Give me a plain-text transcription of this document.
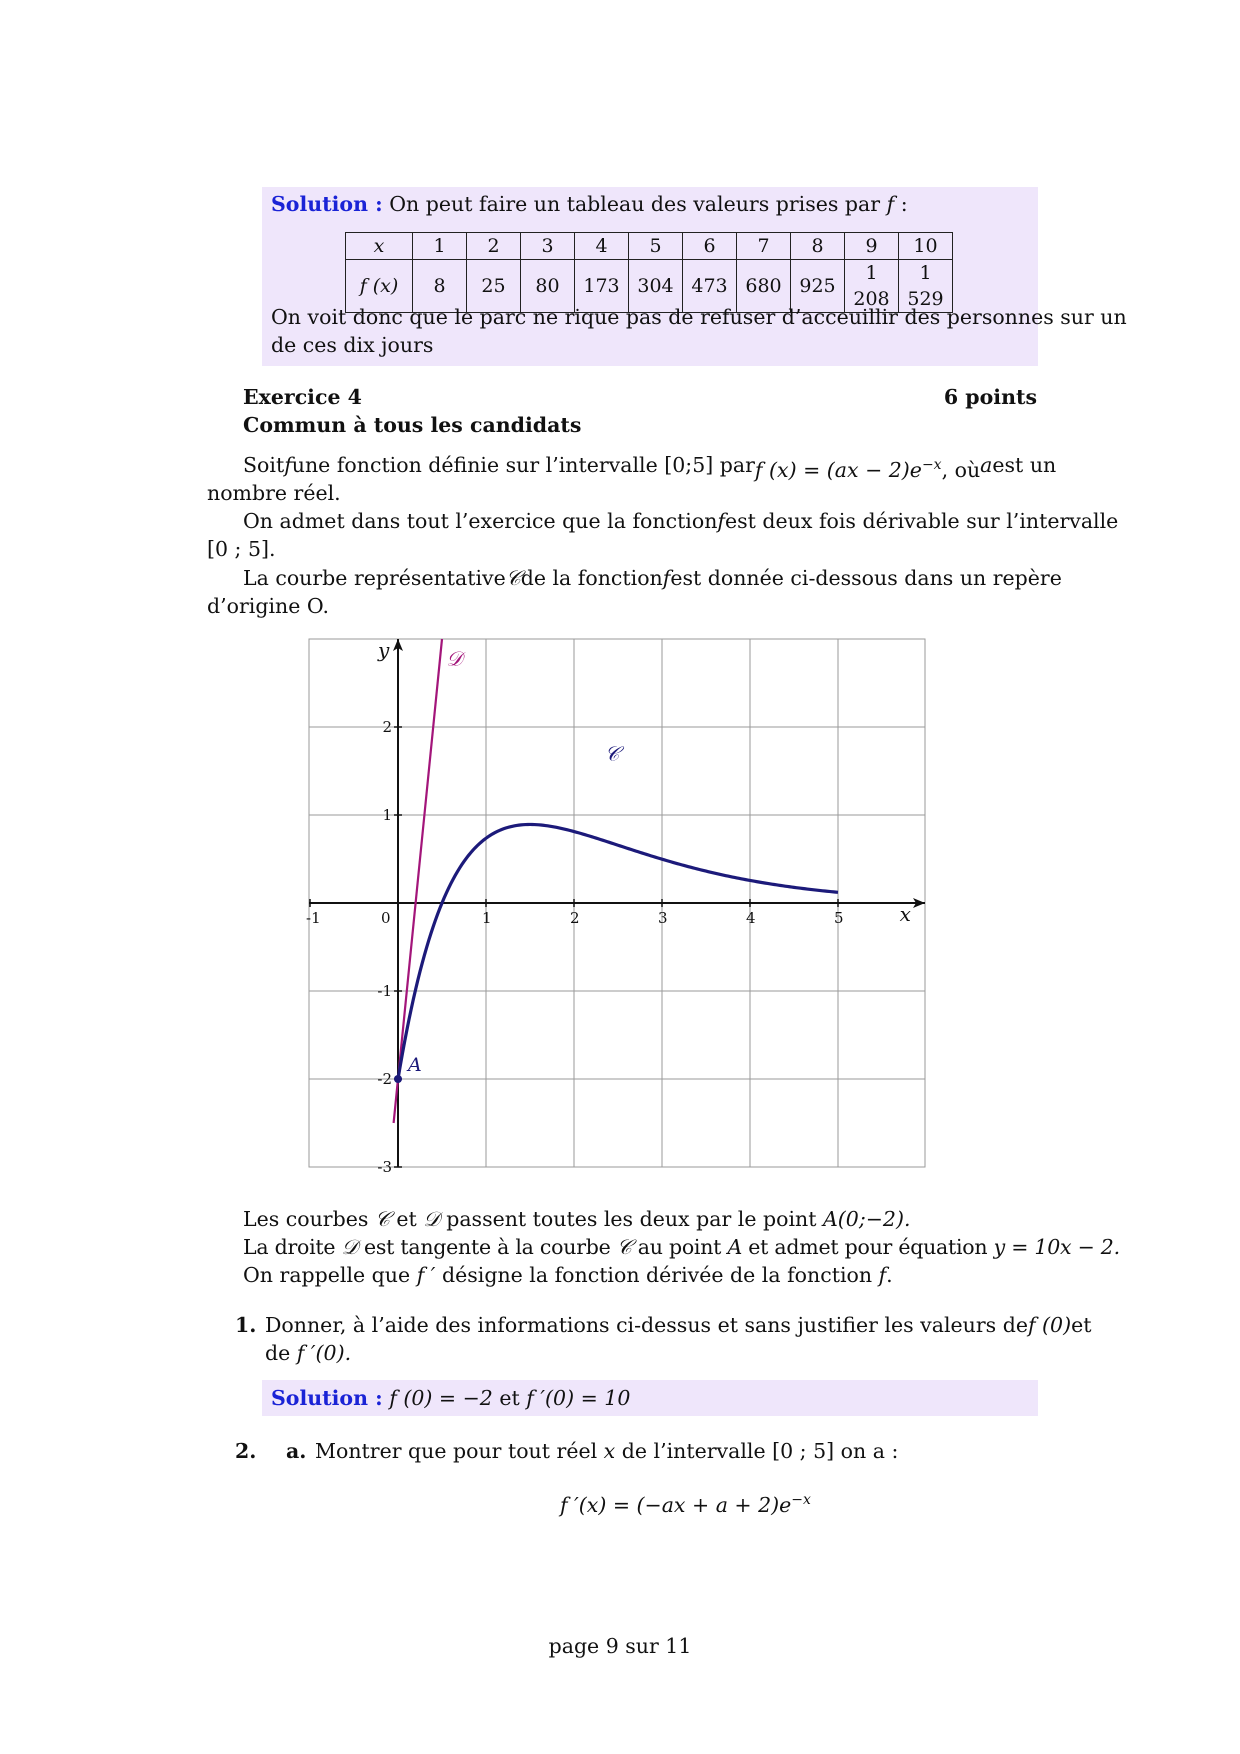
Solution : On peut faire un tableau des valeurs prises par f :
x	1	2	3	4	5	6	7	8	9	10
f (x)	8	25	80	173	304	473	680	925	1 208	1 529
On voit donc que le parc ne rique pas de refuser d’acceuillir des personnes sur un
de ces dix jours
Exercice 4	6 points
Commun à tous les candidats
Soit f une fonction définie sur l’intervalle [0;5] par f $(x) = (ax - 2)e^{-x}$, où a est un
nombre réel.
On admet dans tout l’exercice que la fonction f est deux fois dérivable sur l’intervalle
[0 ; 5].
La courbe représentative 𝒞 de la fonction f est donnée ci-dessous dans un repère
d’origine O.
-1	0	1	2	3	4	5
2
1
-1
-2
-3
A
𝒞
𝒟
x
y
Les courbes 𝒞 et 𝒟 passent toutes les deux par le point A(0;−2).
La droite 𝒟 est tangente à la courbe 𝒞 au point A et admet pour équation y = 10x − 2.
On rappelle que f ′ désigne la fonction dérivée de la fonction f.
1. Donner, à l’aide des informations ci-dessus et sans justifier les valeurs de f (0) et
de f ′(0).
Solution : f (0) = −2 et f ′(0) = 10
2. a. Montrer que pour tout réel x de l’intervalle [0 ; 5] on a :
f $'(x) = (-ax + a + 2)e^{-x}$
page 9 sur 11
